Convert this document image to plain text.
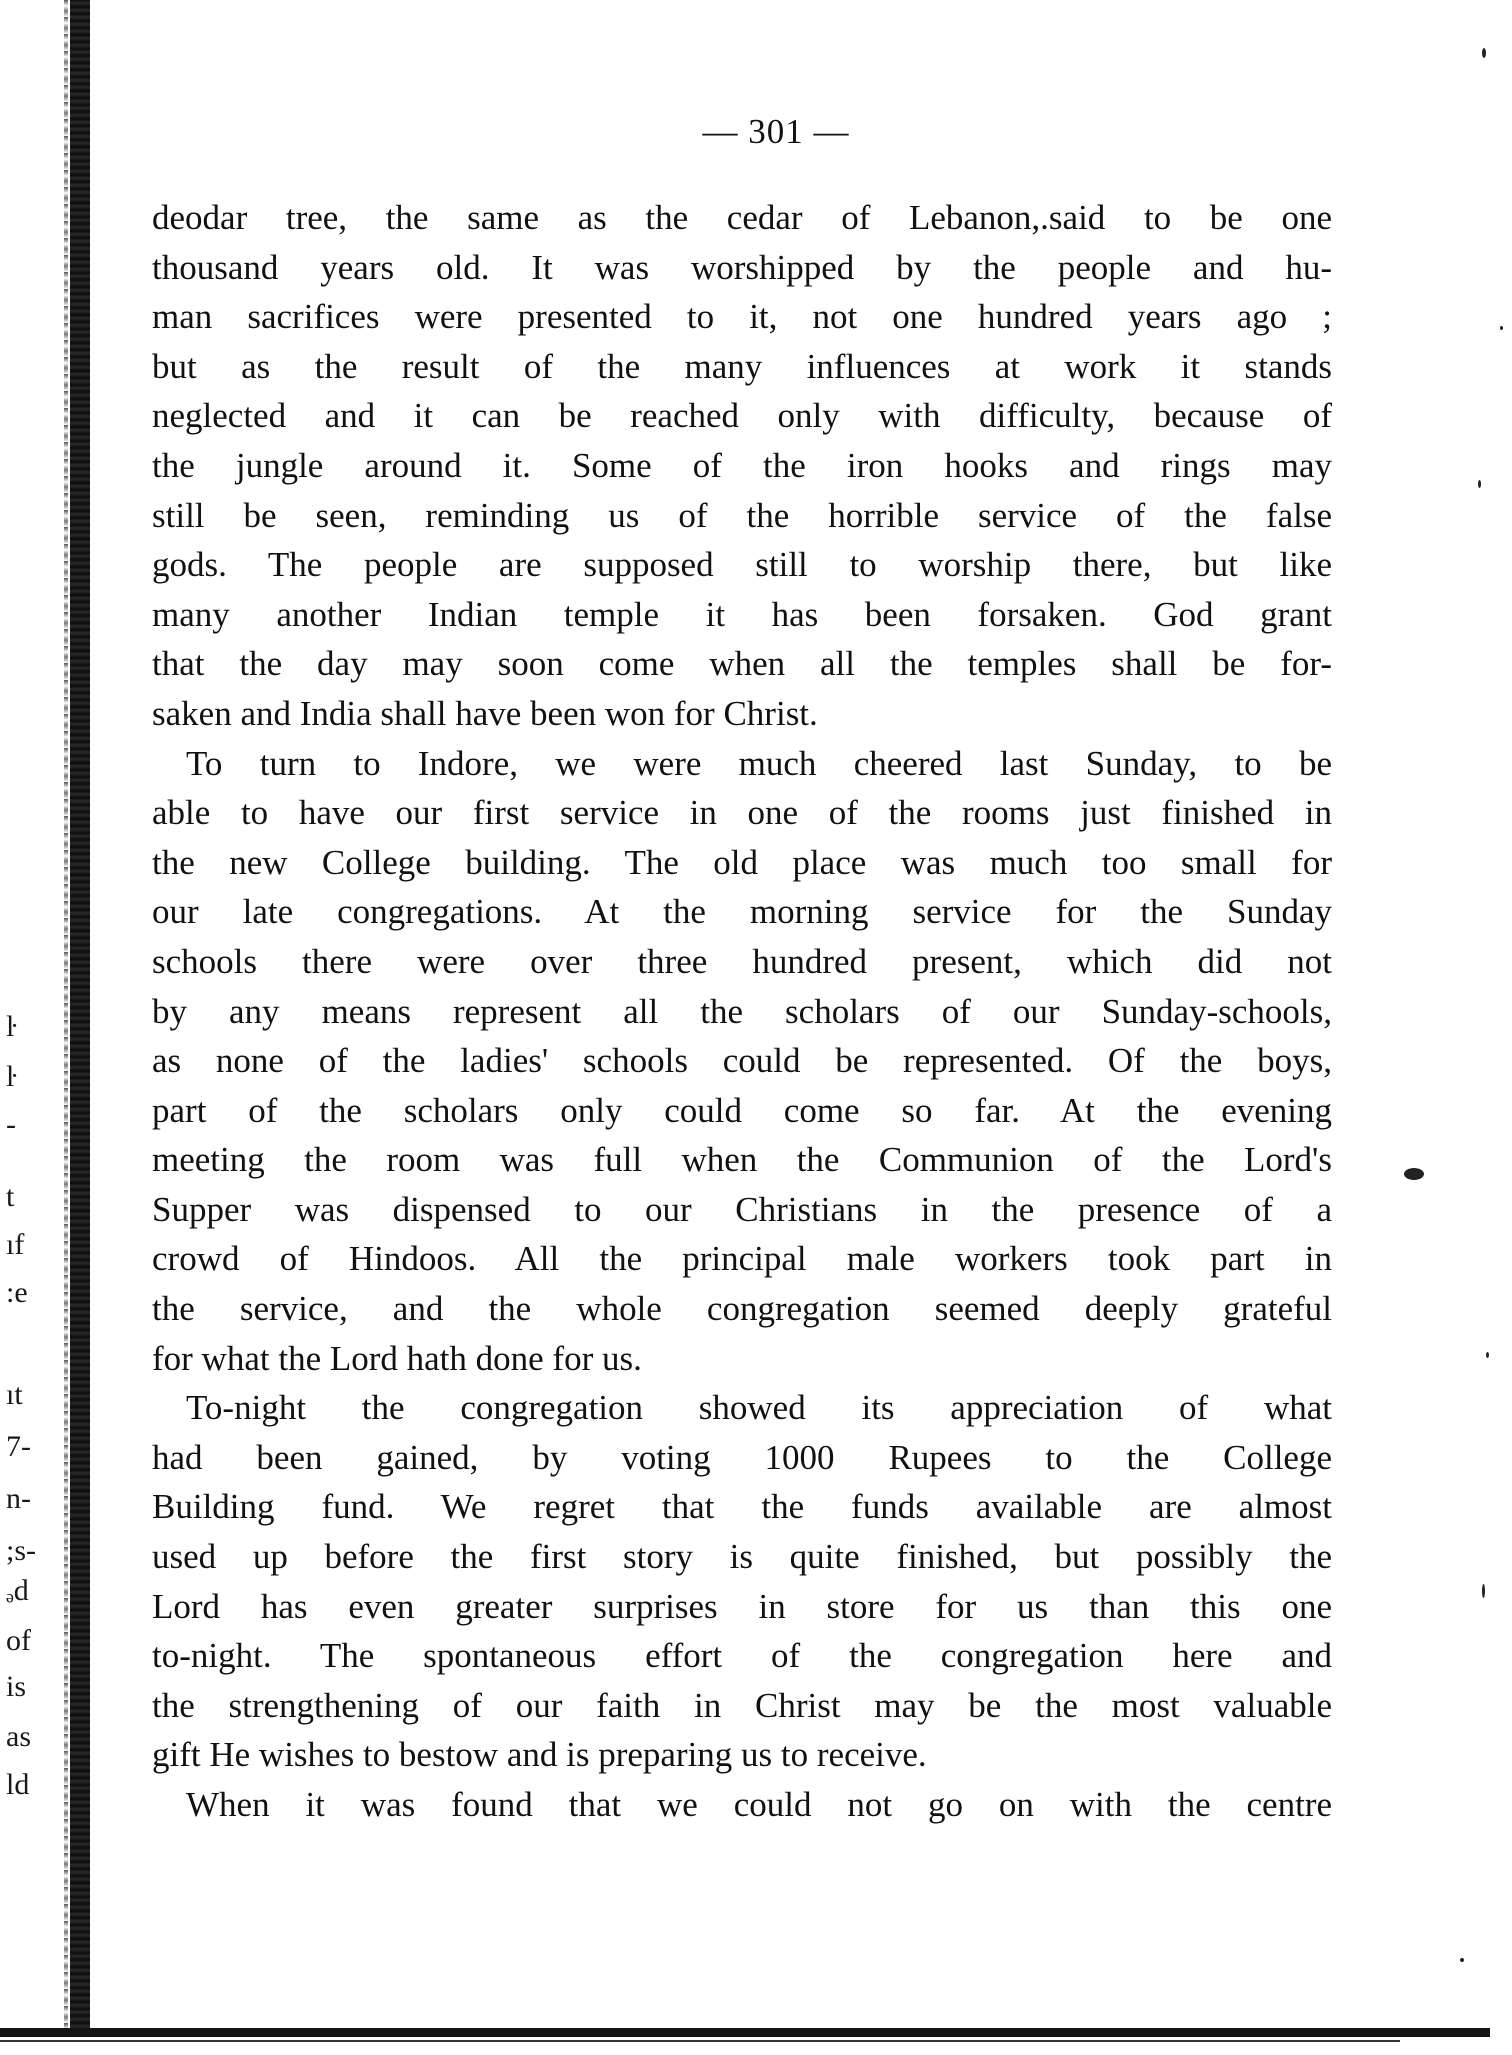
ŀ
ŀ
-
t
ıf
:e
ıt
7-
n-
;s-
ₔd
of
is
as
ld
— 301 —
deodar tree, the same as the cedar of Lebanon,.said to be one
thousand years old. It was worshipped by the people and hu-
man sacrifices were presented to it, not one hundred years ago ;
but as the result of the many influences at work it stands
neglected and it can be reached only with difficulty, because of
the jungle around it. Some of the iron hooks and rings may
still be seen, reminding us of the horrible service of the false
gods. The people are supposed still to worship there, but like
many another Indian temple it has been forsaken. God grant
that the day may soon come when all the temples shall be for-
saken and India shall have been won for Christ.
To turn to Indore, we were much cheered last Sunday, to be
able to have our first service in one of the rooms just finished in
the new College building. The old place was much too small for
our late congregations. At the morning service for the Sunday
schools there were over three hundred present, which did not
by any means represent all the scholars of our Sunday-schools,
as none of the ladies' schools could be represented. Of the boys,
part of the scholars only could come so far. At the evening
meeting the room was full when the Communion of the Lord's
Supper was dispensed to our Christians in the presence of a
crowd of Hindoos. All the principal male workers took part in
the service, and the whole congregation seemed deeply grateful
for what the Lord hath done for us.
To-night the congregation showed its appreciation of what
had been gained, by voting 1000 Rupees to the College
Building fund. We regret that the funds available are almost
used up before the first story is quite finished, but possibly the
Lord has even greater surprises in store for us than this one
to-night. The spontaneous effort of the congregation here and
the strengthening of our faith in Christ may be the most valuable
gift He wishes to bestow and is preparing us to receive.
When it was found that we could not go on with the centre
